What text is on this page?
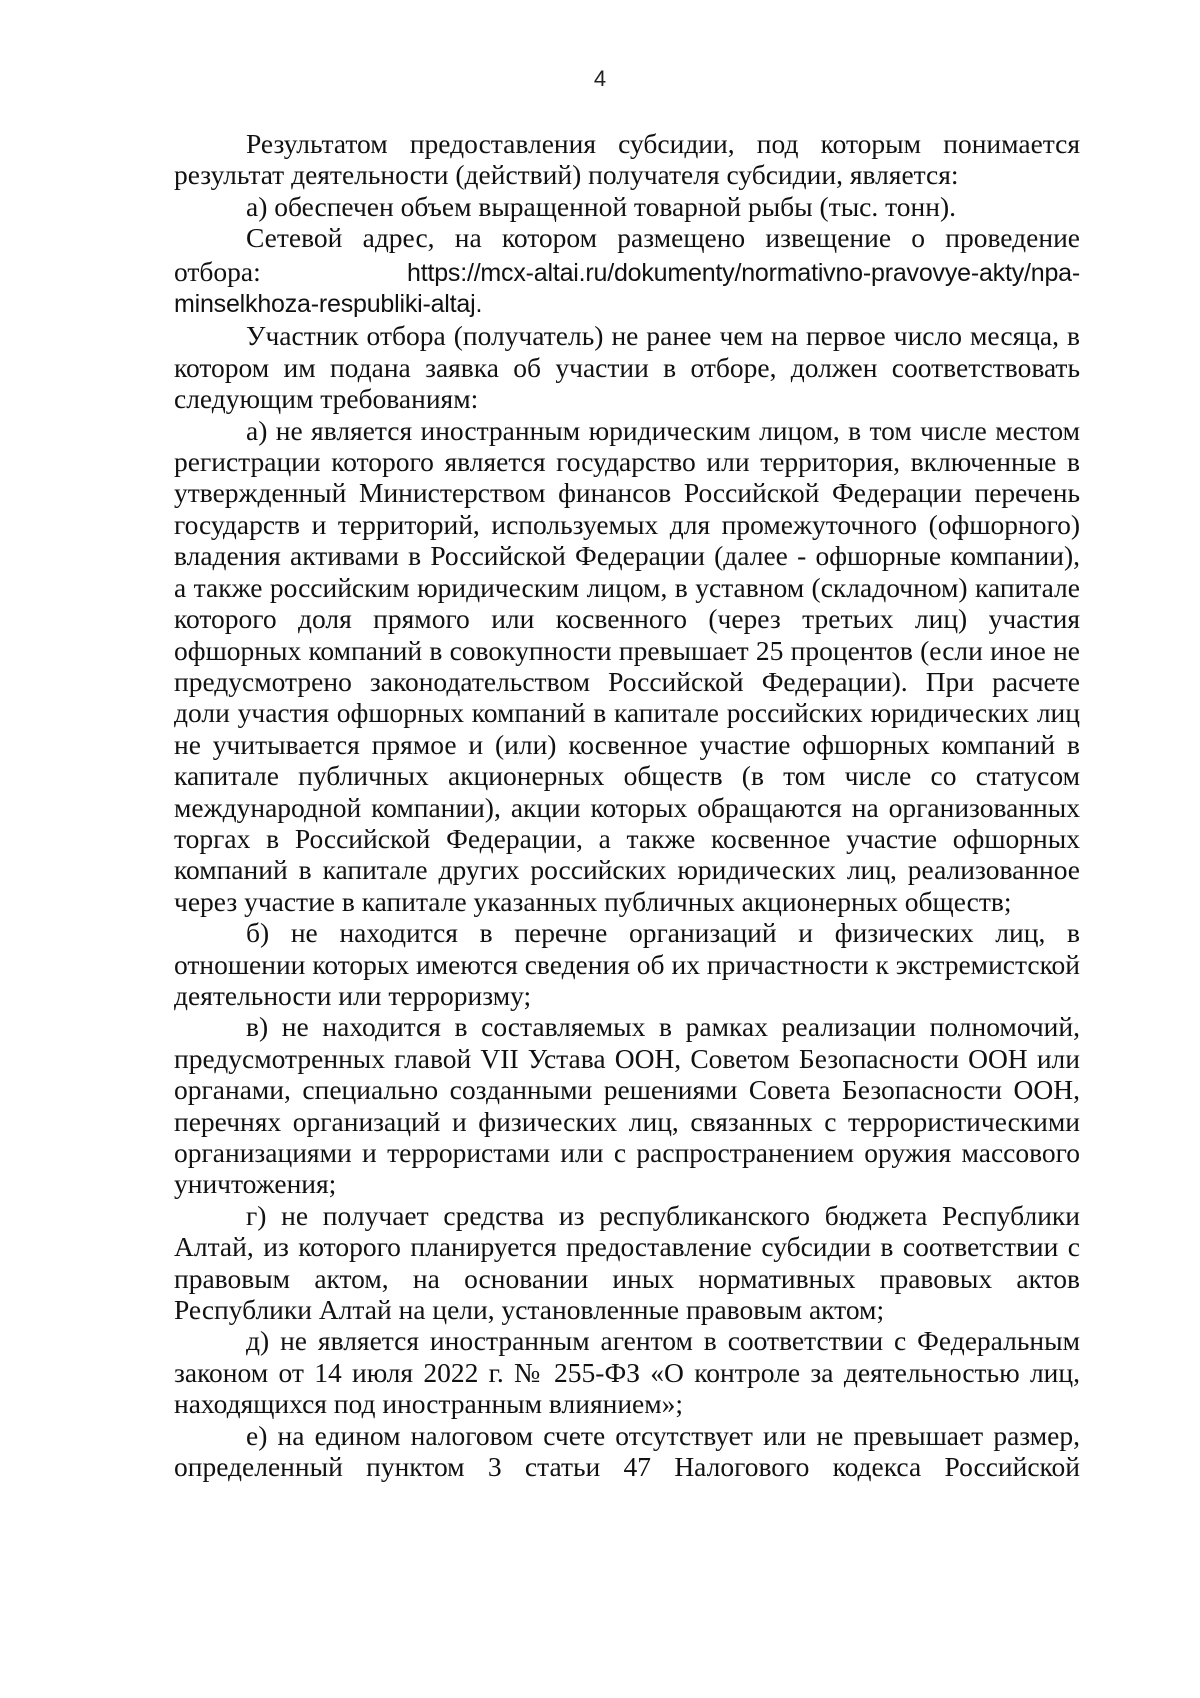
4

Результатом предоставления субсидии, под которым понимается результат деятельности (действий) получателя субсидии, является:

а) обеспечен объем выращенной товарной рыбы (тыс. тонн).

Сетевой адрес, на котором размещено извещение о проведение отбора:	https://mcx-altai.ru/dokumenty/normativno-pravovye-akty/npa-minselkhoza-respubliki-altaj.

Участник отбора (получатель) не ранее чем на первое число месяца, в котором им подана заявка об участии в отборе, должен соответствовать следующим требованиям:

а) не является иностранным юридическим лицом, в том числе местом регистрации которого является государство или территория, включенные в утвержденный Министерством финансов Российской Федерации перечень государств и территорий, используемых для промежуточного (офшорного) владения активами в Российской Федерации (далее - офшорные компании), а также российским юридическим лицом, в уставном (складочном) капитале которого доля прямого или косвенного (через третьих лиц) участия офшорных компаний в совокупности превышает 25 процентов (если иное не предусмотрено законодательством Российской Федерации). При расчете доли участия офшорных компаний в капитале российских юридических лиц не учитывается прямое и (или) косвенное участие офшорных компаний в капитале публичных акционерных обществ (в том числе со статусом международной компании), акции которых обращаются на организованных торгах в Российской Федерации, а также косвенное участие офшорных компаний в капитале других российских юридических лиц, реализованное через участие в капитале указанных публичных акционерных обществ;

б) не находится в перечне организаций и физических лиц, в отношении которых имеются сведения об их причастности к экстремистской деятельности или терроризму;

в) не находится в составляемых в рамках реализации полномочий, предусмотренных главой VII Устава ООН, Советом Безопасности ООН или органами, специально созданными решениями Совета Безопасности ООН, перечнях организаций и физических лиц, связанных с террористическими организациями и террористами или с распространением оружия массового уничтожения;

г) не получает средства из республиканского бюджета Республики Алтай, из которого планируется предоставление субсидии в соответствии с правовым актом, на основании иных нормативных правовых актов Республики Алтай на цели, установленные правовым актом;

д) не является иностранным агентом в соответствии с Федеральным законом от 14 июля 2022 г. № 255-ФЗ «О контроле за деятельностью лиц, находящихся под иностранным влиянием»;

е) на едином налоговом счете отсутствует или не превышает размер, определенный пунктом 3 статьи 47 Налогового кодекса Российской
